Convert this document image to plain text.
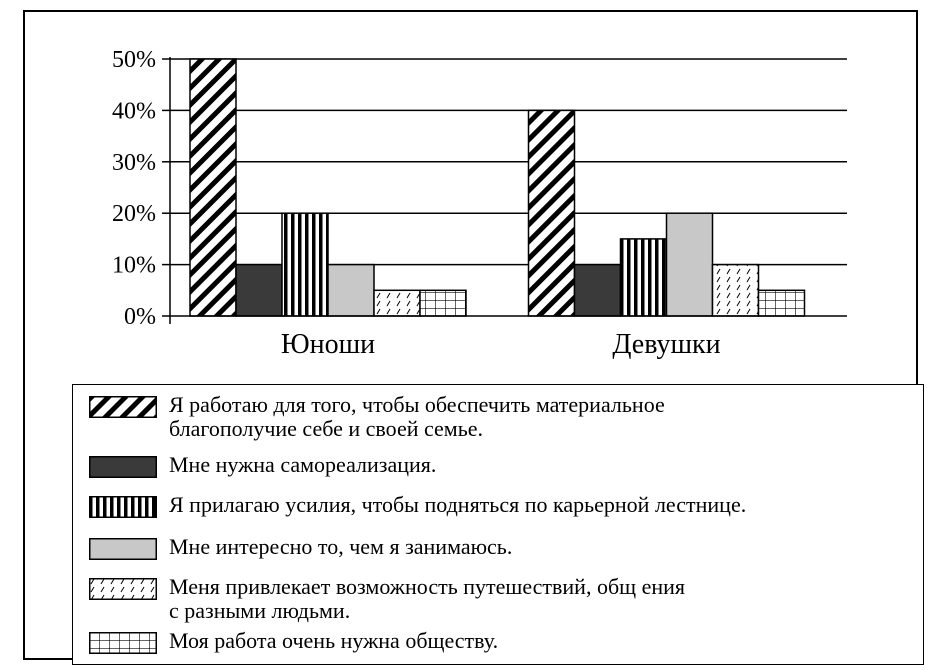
0%
10%
20%
30%
40%
50%
Юноши	Девушки
Я работаю для того, чтобы обеспечить материальное
благополучие себе и своей семье.
Мне нужна самореализация.
Я прилагаю усилия, чтобы подняться по карьерной лестнице.
Мне интересно то, чем я занимаюсь.
Меня привлекает возможность путешествий, общ ения
с разными людьми.
Моя работа очень нужна обществу.
